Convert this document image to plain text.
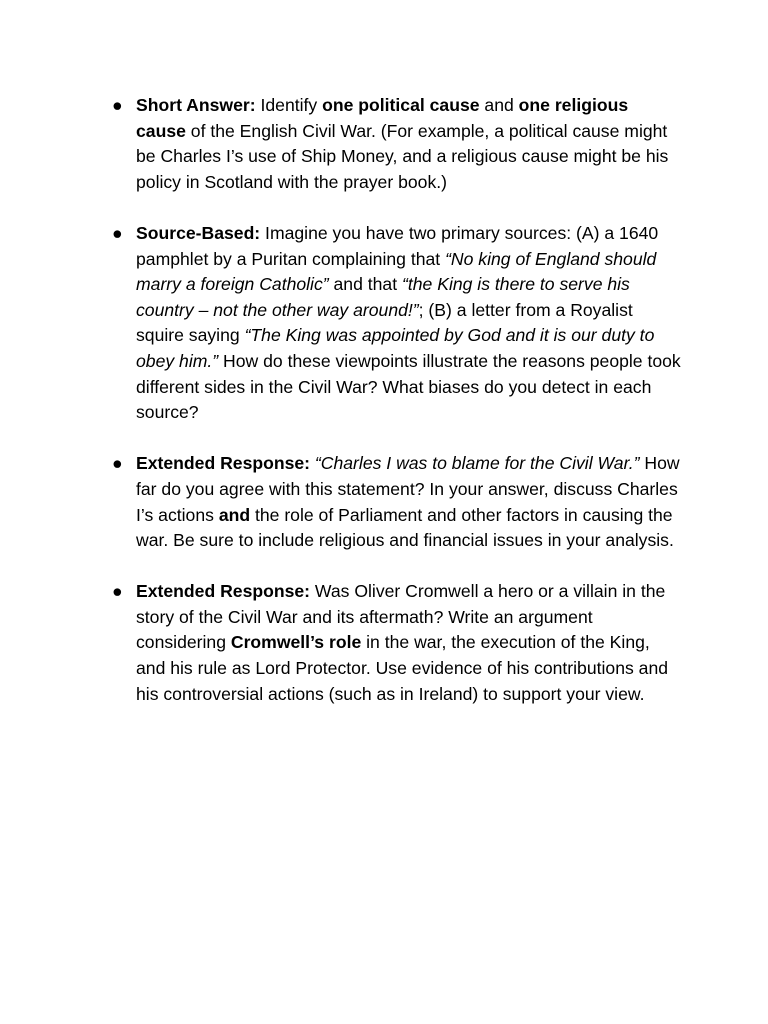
● Short Answer: Identify one political cause and one religious cause of the English Civil War. (For example, a political cause might be Charles I’s use of Ship Money, and a religious cause might be his policy in Scotland with the prayer book.)
● Source-Based: Imagine you have two primary sources: (A) a 1640 pamphlet by a Puritan complaining that “No king of England should marry a foreign Catholic” and that “the King is there to serve his country – not the other way around!”; (B) a letter from a Royalist squire saying “The King was appointed by God and it is our duty to obey him.” How do these viewpoints illustrate the reasons people took different sides in the Civil War? What biases do you detect in each source?
● Extended Response: “Charles I was to blame for the Civil War.” How far do you agree with this statement? In your answer, discuss Charles I’s actions and the role of Parliament and other factors in causing the war. Be sure to include religious and financial issues in your analysis.
● Extended Response: Was Oliver Cromwell a hero or a villain in the story of the Civil War and its aftermath? Write an argument considering Cromwell’s role in the war, the execution of the King, and his rule as Lord Protector. Use evidence of his contributions and his controversial actions (such as in Ireland) to support your view.
